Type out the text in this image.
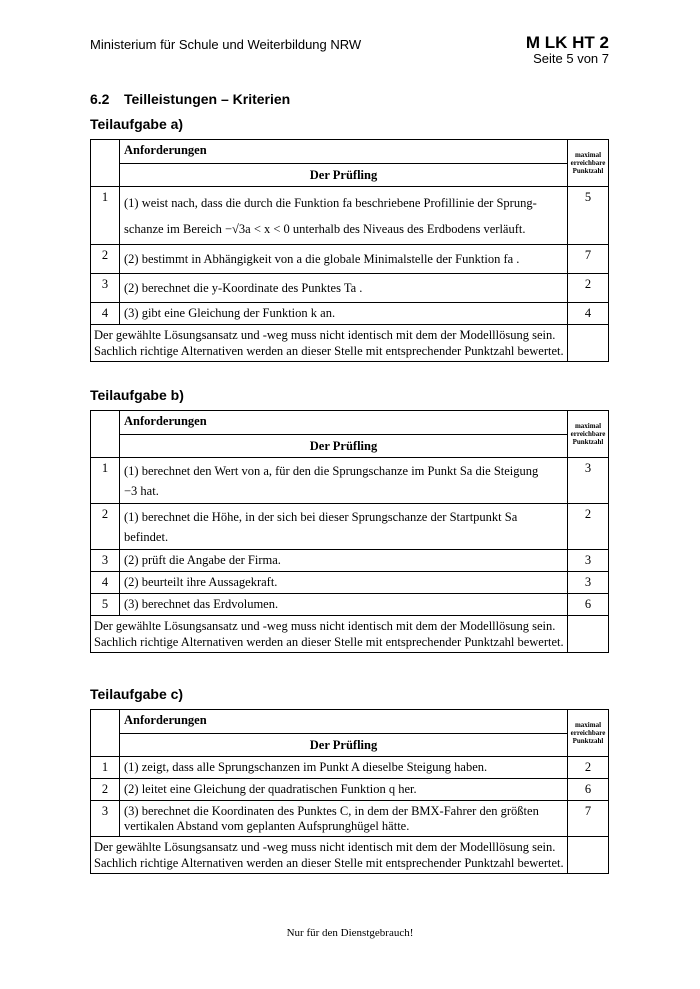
Ministerium für Schule und Weiterbildung NRW	M LK HT 2
Seite 5 von 7
6.2 Teilleistungen – Kriterien
Teilaufgabe a)
	Anforderungen	maximal erreichbare Punktzahl
	Der Prüfling	
1	(1) weist nach, dass die durch die Funktion fa beschriebene Profillinie der Sprung-
schanze im Bereich −√3a < x < 0 unterhalb des Niveaus des Erdbodens verläuft.	5
2	(2) bestimmt in Abhängigkeit von a die globale Minimalstelle der Funktion fa .	7
3	(2) berechnet die y-Koordinate des Punktes Ta .	2
4	(3) gibt eine Gleichung der Funktion k an.	4
Der gewählte Lösungsansatz und -weg muss nicht identisch mit dem der Modelllösung sein. Sachlich richtige Alternativen werden an dieser Stelle mit entsprechender Punktzahl bewertet.		
Teilaufgabe b)
	Anforderungen	maximal erreichbare Punktzahl
	Der Prüfling	
1	(1) berechnet den Wert von a, für den die Sprungschanze im Punkt Sa die Steigung
−3 hat.	3
2	(1) berechnet die Höhe, in der sich bei dieser Sprungschanze der Startpunkt Sa
befindet.	2
3	(2) prüft die Angabe der Firma.	3
4	(2) beurteilt ihre Aussagekraft.	3
5	(3) berechnet das Erdvolumen.	6
Der gewählte Lösungsansatz und -weg muss nicht identisch mit dem der Modelllösung sein. Sachlich richtige Alternativen werden an dieser Stelle mit entsprechender Punktzahl bewertet.		
Teilaufgabe c)
	Anforderungen	maximal erreichbare Punktzahl
	Der Prüfling	
1	(1) zeigt, dass alle Sprungschanzen im Punkt A dieselbe Steigung haben.	2
2	(2) leitet eine Gleichung der quadratischen Funktion q her.	6
3	(3) berechnet die Koordinaten des Punktes C, in dem der BMX-Fahrer den größten
vertikalen Abstand vom geplanten Aufsprunghügel hätte.	7
Der gewählte Lösungsansatz und -weg muss nicht identisch mit dem der Modelllösung sein. Sachlich richtige Alternativen werden an dieser Stelle mit entsprechender Punktzahl bewertet.		
Nur für den Dienstgebrauch!
